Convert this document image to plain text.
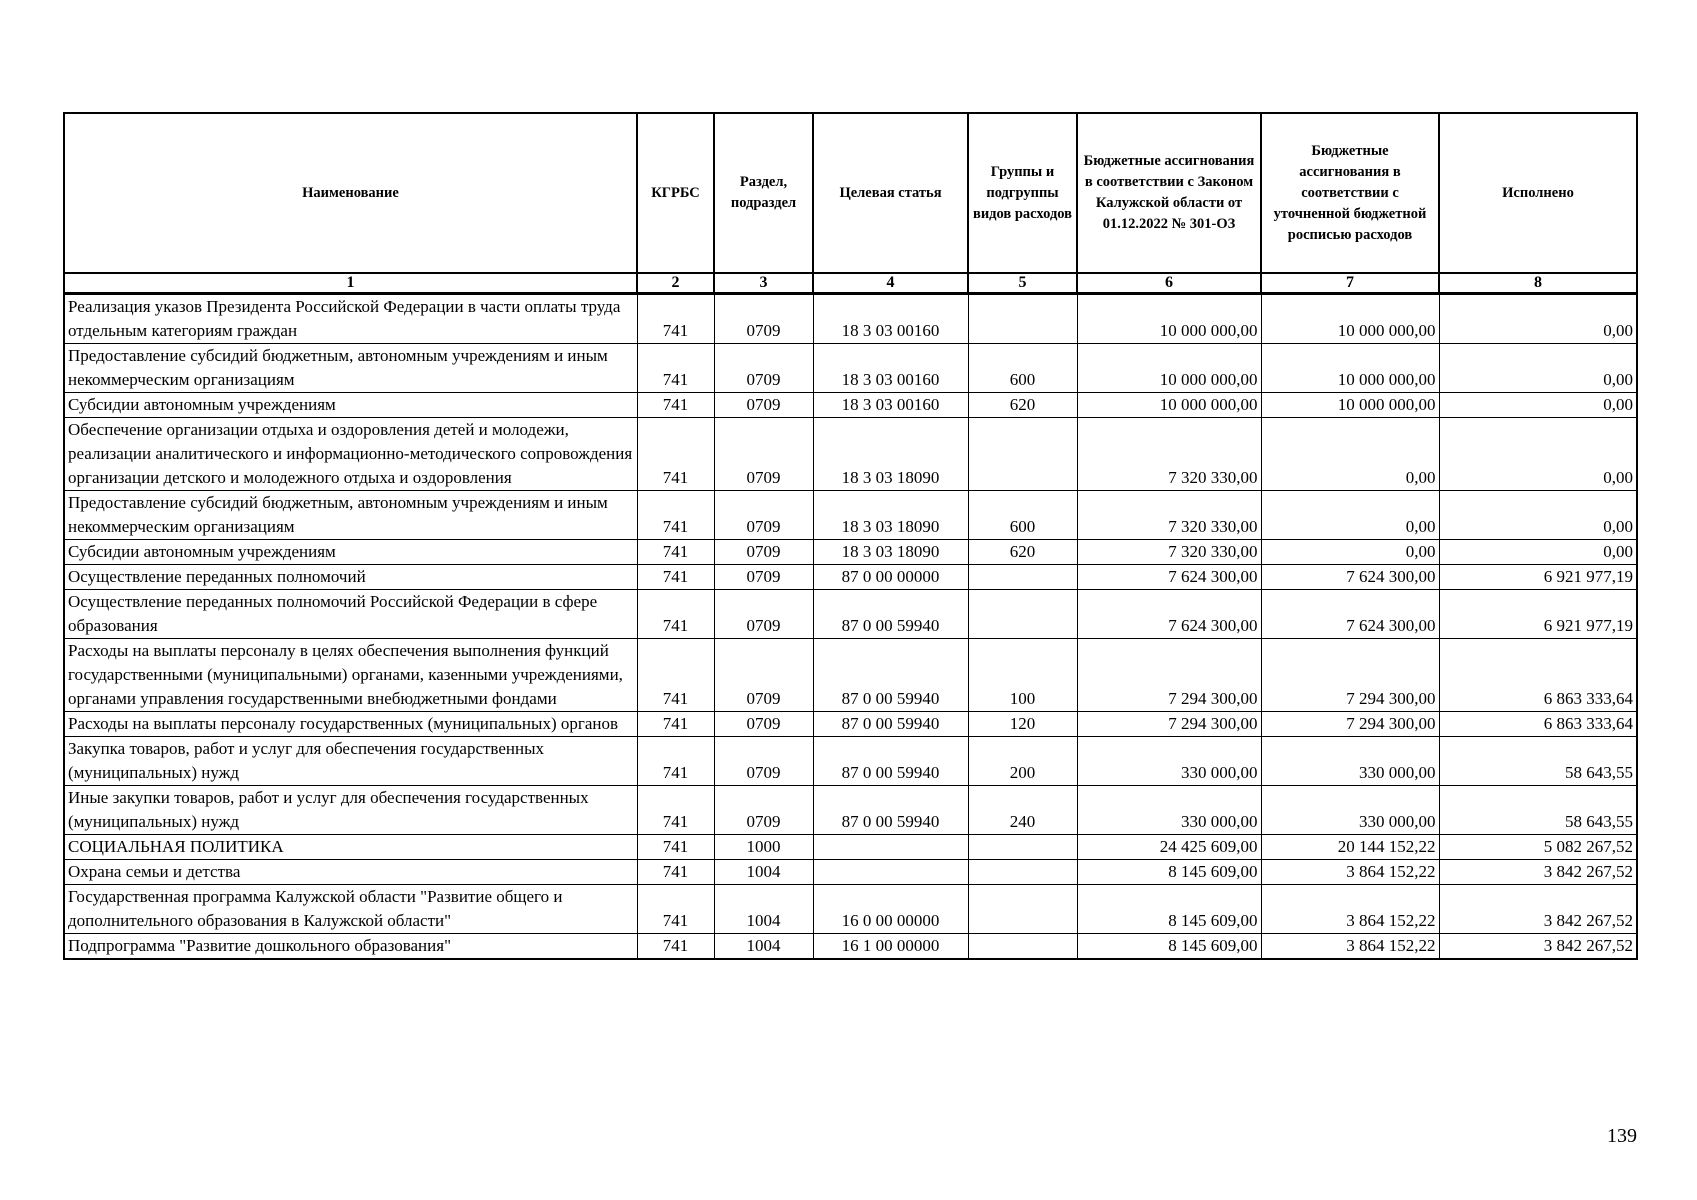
Наименование	КГРБС	Раздел, подраздел	Целевая статья	Группы и подгруппы видов расходов	Бюджетные ассигнования в соответствии с Законом Калужской области от 01.12.2022 № 301-ОЗ	Бюджетные ассигнования в соответствии с уточненной бюджетной росписью расходов	Исполнено
1	2	3	4	5	6	7	8
Реализация указов Президента Российской Федерации в части оплаты труда отдельным категориям граждан	741	0709	18 3 03 00160		10 000 000,00	10 000 000,00	0,00
Предоставление субсидий бюджетным, автономным учреждениям и иным некоммерческим организациям	741	0709	18 3 03 00160	600	10 000 000,00	10 000 000,00	0,00
Субсидии автономным учреждениям	741	0709	18 3 03 00160	620	10 000 000,00	10 000 000,00	0,00
Обеспечение организации отдыха и оздоровления детей и молодежи, реализации аналитического и информационно-методического сопровождения организации детского и молодежного отдыха и оздоровления	741	0709	18 3 03 18090		7 320 330,00	0,00	0,00
Предоставление субсидий бюджетным, автономным учреждениям и иным некоммерческим организациям	741	0709	18 3 03 18090	600	7 320 330,00	0,00	0,00
Субсидии автономным учреждениям	741	0709	18 3 03 18090	620	7 320 330,00	0,00	0,00
Осуществление переданных полномочий	741	0709	87 0 00 00000		7 624 300,00	7 624 300,00	6 921 977,19
Осуществление переданных полномочий Российской Федерации в сфере образования	741	0709	87 0 00 59940		7 624 300,00	7 624 300,00	6 921 977,19
Расходы на выплаты персоналу в целях обеспечения выполнения функций государственными (муниципальными) органами, казенными учреждениями, органами управления государственными внебюджетными фондами	741	0709	87 0 00 59940	100	7 294 300,00	7 294 300,00	6 863 333,64
Расходы на выплаты персоналу государственных (муниципальных) органов	741	0709	87 0 00 59940	120	7 294 300,00	7 294 300,00	6 863 333,64
Закупка товаров, работ и услуг для обеспечения государственных (муниципальных) нужд	741	0709	87 0 00 59940	200	330 000,00	330 000,00	58 643,55
Иные закупки товаров, работ и услуг для обеспечения государственных (муниципальных) нужд	741	0709	87 0 00 59940	240	330 000,00	330 000,00	58 643,55
СОЦИАЛЬНАЯ ПОЛИТИКА	741	1000			24 425 609,00	20 144 152,22	5 082 267,52
Охрана семьи и детства	741	1004			8 145 609,00	3 864 152,22	3 842 267,52
Государственная программа Калужской области "Развитие общего и дополнительного образования в Калужской области"	741	1004	16 0 00 00000		8 145 609,00	3 864 152,22	3 842 267,52
Подпрограмма "Развитие дошкольного образования"	741	1004	16 1 00 00000		8 145 609,00	3 864 152,22	3 842 267,52
139
